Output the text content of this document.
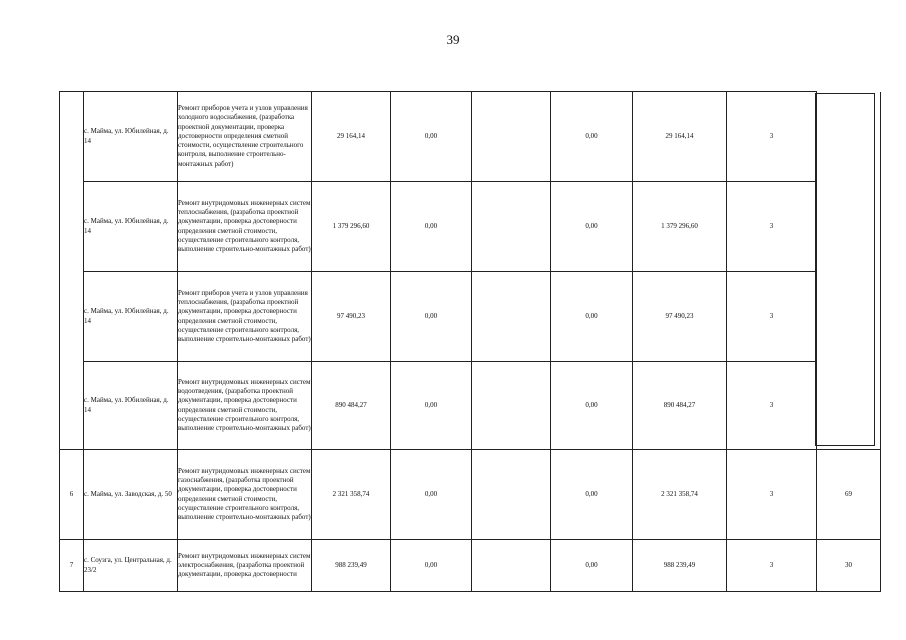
39
	с. Майма, ул. Юбилейная, д. 14	Ремонт приборов учета и узлов управления холодного водоснабжения, (разработка проектной документации, проверка достоверности определения сметной стоимости, осуществление строительного контроля, выполнение строительно-монтажных работ)	29 164,14	0,00		0,00	29 164,14	3	
	с. Майма, ул. Юбилейная, д. 14	Ремонт внутридомовых инженерных систем теплоснабжения, (разработка проектной документации, проверка достоверности определения сметной стоимости, осуществление строительного контроля, выполнение строительно-монтажных работ)	1 379 296,60	0,00		0,00	1 379 296,60	3	
	с. Майма, ул. Юбилейная, д. 14	Ремонт приборов учета и узлов управления теплоснабжения, (разработка проектной документации, проверка достоверности определения сметной стоимости, осуществление строительного контроля, выполнение строительно-монтажных работ)	97 490,23	0,00		0,00	97 490,23	3	
	с. Майма, ул. Юбилейная, д. 14	Ремонт внутридомовых инженерных систем водоотведения, (разработка проектной документации, проверка достоверности определения сметной стоимости, осуществление строительного контроля, выполнение строительно-монтажных работ)	890 484,27	0,00		0,00	890 484,27	3	
6	с. Майма, ул. Заводская, д. 50	Ремонт внутридомовых инженерных систем газоснабжения, (разработка проектной документации, проверка достоверности определения сметной стоимости, осуществление строительного контроля, выполнение строительно-монтажных работ)	2 321 358,74	0,00		0,00	2 321 358,74	3	69
7	с. Соузга, ул. Центральная, д. 23/2	Ремонт внутридомовых инженерных систем электроснабжения, (разработка проектной документации, проверка достоверности	988 239,49	0,00		0,00	988 239,49	3	30
